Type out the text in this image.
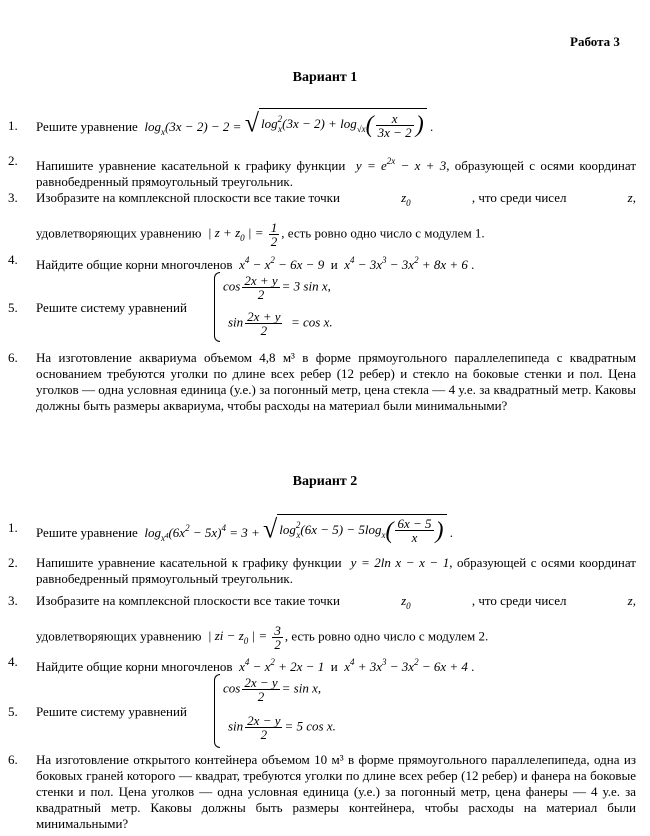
Работа 3
Вариант 1
1.	Решите уравнение  $\log_x(3x - 2) - 2$ = √ $\log^2_x(3x - 2) + \log_{√x}( \frac{x}{3x - 2}$ ) .
2.	Напишите уравнение касательной к графику функции  $y = e^{2x} - x + 3$, образующей с осями координат равнобедренный прямоугольный треугольник.
3.	Изобразите на комплексной плоскости все такие точки	$z_0$	, что среди чисел	z,
удовлетворяющих уравнению  | $z + z_0$ | = $\frac{1}{2}$ , есть ровно одно число с модулем 1.
4.	Найдите общие корни многочленов  $x^4 - x^2 - 6x - 9$  и  $x^4 - 3x^3 - 3x^2 + 8x + 6$ .
5.	Решите систему уравнений
$\cos \frac{2x + y}{2} = 3$ sin x,
$\sin \frac{2x + y}{2} = \cos x$.
6.	На изготовление аквариума объемом 4,8 м³ в форме прямоугольного параллелепипеда с квадратным основанием требуются уголки по длине всех ребер (12 ребер) и стекло на боковые стенки и пол. Цена уголков — одна условная единица (у.е.) за погонный метр, цена стекла — 4 у.е. за квадратный метр. Каковы должны быть размеры аквариума, чтобы расходы на материал были минимальными?
Вариант 2
1.	Решите уравнение  $\log_{x^4}(6x^2 - 5x)^4 = 3$ + √ $\log^2_x(6x - 5) - 5\log_x( \frac{6x - 5}{x}$ ) .
2.	Напишите уравнение касательной к графику функции  y = 2ln x − x − 1, образующей с осями координат равнобедренный прямоугольный треугольник.
3.	Изобразите на комплексной плоскости все такие точки	$z_0$	, что среди чисел	z,
удовлетворяющих уравнению  | zi − $z_0$ | = $\frac{3}{2}$ , есть ровно одно число с модулем 2.
4.	Найдите общие корни многочленов  $x^4 - x^2 + 2x - 1$  и  $x^4 + 3x^3 - 3x^2 - 6x + 4$ .
5.	Решите систему уравнений
$\cos \frac{2x - y}{2} = \sin x$,
$\sin \frac{2x - y}{2} = 5$ cos x.
6.	На изготовление открытого контейнера объемом 10 м³ в форме прямоугольного параллелепипеда, одна из боковых граней которого — квадрат, требуются уголки по длине всех ребер (12 ребер) и фанера на боковые стенки и пол. Цена уголков — одна условная единица (у.е.) за погонный метр, цена фанеры — 4 у.е. за квадратный метр. Каковы должны быть размеры контейнера, чтобы расходы на материал были минимальными?
